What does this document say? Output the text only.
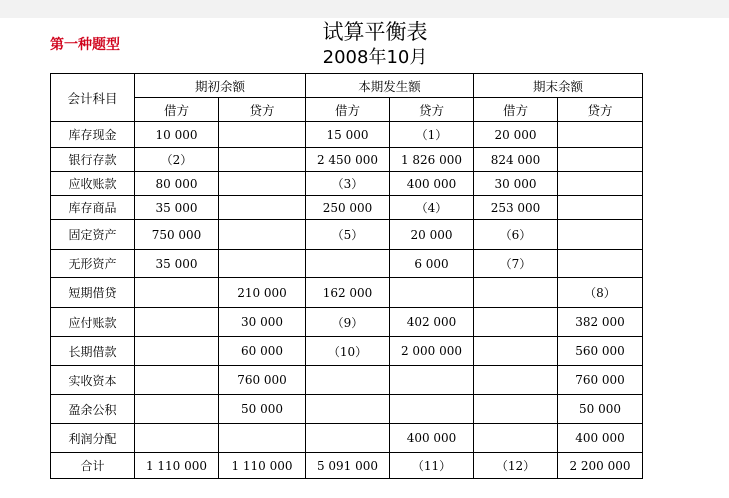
第一种题型
试算平衡表
2008年10月
会计科目	期初余额		本期发生额		期末余额	
	借方	贷方	借方	贷方	借方	贷方
库存现金	10 000		15 000	（1）	20 000	
银行存款	（2）		2 450 000	1 826 000	824 000	
应收账款	80 000		（3）	400 000	30 000	
库存商品	35 000		250 000	（4）	253 000	
固定资产	750 000		（5）	20 000	（6）	
无形资产	35 000			6 000	（7）	
短期借贷		210 000	162 000			（8）
应付账款		30 000	（9）	402 000		382 000
长期借款		60 000	（10）	2 000 000		560 000
实收资本		760 000				760 000
盈余公积		50 000				50 000
利润分配				400 000		400 000
合计	1 110 000	1 110 000	5 091 000	（11）	（12）	2 200 000
